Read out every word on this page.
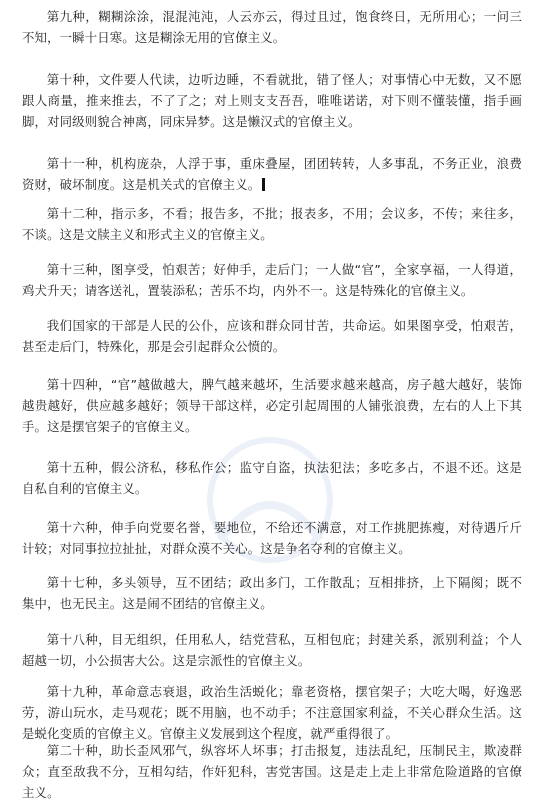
第九种，糊糊涂涂，混混沌沌，人云亦云，得过且过，饱食终日，无所用心；一问三不知，一瞬十日寒。这是糊涂无用的官僚主义。

第十种，文件要人代读，边听边睡，不看就批，错了怪人；对事情心中无数，又不愿跟人商量，推来推去，不了了之；对上则支支吾吾，唯唯诺诺，对下则不懂装懂，指手画脚，对同级则貌合神离，同床异梦。这是懒汉式的官僚主义。

第十一种，机构庞杂，人浮于事，重床叠屋，团团转转，人多事乱，不务正业，浪费资财，破坏制度。这是机关式的官僚主义。

第十二种，指示多，不看；报告多，不批；报表多，不用；会议多，不传；来往多，不谈。这是文牍主义和形式主义的官僚主义。

第十三种，图享受，怕艰苦；好伸手，走后门；一人做“官”，全家享福，一人得道，鸡犬升天；请客送礼，置装添私；苦乐不均，内外不一。这是特殊化的官僚主义。

我们国家的干部是人民的公仆，应该和群众同甘苦，共命运。如果图享受，怕艰苦，甚至走后门，特殊化，那是会引起群众公愤的。

第十四种，“官”越做越大，脾气越来越坏，生活要求越来越高，房子越大越好，装饰越贵越好，供应越多越好；领导干部这样，必定引起周围的人铺张浪费，左右的人上下其手。这是摆官架子的官僚主义。

第十五种，假公济私，移私作公；监守自盗，执法犯法；多吃多占，不退不还。这是自私自利的官僚主义。

第十六种，伸手向党要名誉，要地位，不给还不满意，对工作挑肥拣瘦，对待遇斤斤计较；对同事拉拉扯扯，对群众漠不关心。这是争名夺利的官僚主义。

第十七种，多头领导，互不团结；政出多门，工作散乱；互相排挤，上下隔阂；既不集中，也无民主。这是闹不团结的官僚主义。

第十八种，目无组织，任用私人，结党营私，互相包庇；封建关系，派别利益；个人超越一切，小公损害大公。这是宗派性的官僚主义。

第十九种，革命意志衰退，政治生活蜕化；靠老资格，摆官架子；大吃大喝，好逸恶劳，游山玩水，走马观花；既不用脑，也不动手；不注意国家利益，不关心群众生活。这是蜕化变质的官僚主义。官僚主义发展到这个程度，就严重得很了。

第二十种，助长歪风邪气，纵容坏人坏事；打击报复，违法乱纪，压制民主，欺凌群众；直至敌我不分，互相勾结，作奸犯科，害党害国。这是走上走上非常危险道路的官僚主义。
